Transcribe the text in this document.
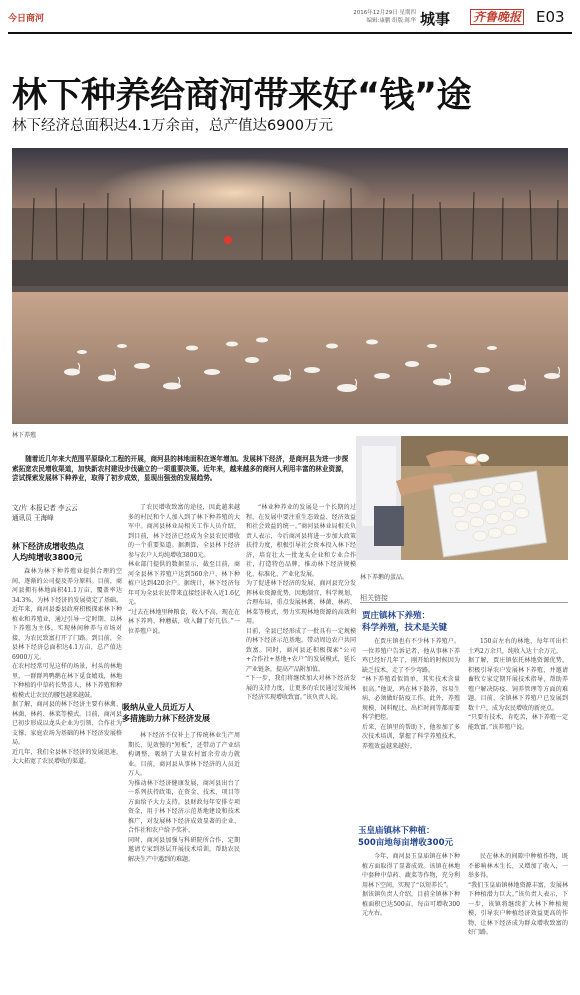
今日商河
2016年12月29日 星期四
编辑:康鹏 组版:陈华 城事 齐鲁晚报 E03
林下种养给商河带来好“钱”途
林下经济总面积达4.1万余亩，总产值达6900万元
林下养殖
随着近几年来大范围平原绿化工程的开展，商河县的林地面积在逐年增加。发展林下经济，是商河县为进一步探索拓宽农民增收渠道，加快新农村建设步伐确立的一项重要决策。近年来，越来越多的商河人利用丰富的林业资源，尝试探索发展林下种养业，取得了初步成效，显现出强劲的发展趋势。
文/片 本报记者 李云云
通讯员 王海峰
林下经济成增收热点
人均纯增收3800元
森林为林下种养殖业提供合理的空间，逐渐的公司提及养分原料。目前，商河县拥有林地面积41.1万亩，覆盖率达34.3%，为林下经济的发展奠定了基础。近年来，商河县委县政府积极探索林下种植业和养殖业，通过引导一定时期、以林下养殖为主体，实现林间种养与市场对接，为农民致富打开了门路。到目前，全县林下经济总面积达4.1万亩，总产值达6900万元。
在农村经常可见这样的场景，村头的林地里，一群群鸡鸭鹅在林下觅食嬉戏，林地下种植的中草药长势喜人，林下养殖和种植模式让农民的腰包越来越鼓。
据了解，商河县的林下经济主要有林禽、林菌、林药、林菜等模式。目前，商河县已初步形成以龙头企业为引领、合作社为支撑、家庭农场为基础的林下经济发展格局。
近几年，我们全县林下经济的发展迅速，大大拓宽了农民增收的渠道。
了农民增收致富的途径，因此越来越多的村民和个人加入到了林下种养殖的大军中。商河县林业局相关工作人员介绍，到目前，林下经济已经成为全县农民增收的一个重要渠道。据测算，全县林下经济参与农户人均纯增收3800元。
林业部门提供的数据显示，截至目前，商河全县林下养殖户达到560余户，林下种植户达到420余户。据统计，林下经济每年可为全县农民带来直接经济收入近1.6亿元。
“过去在林地里种粮食，收入不高，现在在林下养鸡、种蘑菇，收入翻了好几倍。”一位养殖户说。
吸纳从业人员近万人
多措施助力林下经济发展
林下经济不仅补上了传统林业生产周期长、见效慢的“短板”，还带动了产业结构调整，吸纳了大量农村富余劳动力就业。目前，商河县从事林下经济的人员近万人。
为推动林下经济健康发展，商河县出台了一系列扶持政策，在资金、技术、项目等方面给予大力支持。县财政每年安排专项资金，用于林下经济示范基地建设和技术推广，对发展林下经济成效显著的企业、合作社和农户给予奖补。
同时，商河县加强与科研院所合作，定期邀请专家到基层开展技术培训，帮助农民解决生产中遇到的难题。
“林业种养业的发展是一个长期的过程，在发展中要注重生态效益、经济效益和社会效益的统一。”商河县林业局相关负责人表示，今后商河县将进一步加大政策扶持力度，积极引导社会资本投入林下经济，培育壮大一批龙头企业和专业合作社，打造特色品牌，推动林下经济规模化、标准化、产业化发展。
为了促进林下经济的发展，商河县充分发挥林业资源优势，因地制宜，科学规划，合理布局，重点发展林禽、林菌、林药、林菜等模式，努力实现林地资源的高效利用。
目前，全县已经形成了一批具有一定规模的林下经济示范基地，带动周边农户共同致富。同时，商河县还积极探索“公司+合作社+基地+农户”的发展模式，延长产业链条，提高产品附加值。
“下一步，我们将继续加大对林下经济发展的支持力度，让更多的农民通过发展林下经济实现增收致富。”该负责人说。
林下养鹅的蛋品。
相关链接
贾庄镇林下养殖：
科学养殖，技术是关键
在贾庄镇也有不少林下养殖户。一位养殖户告诉记者，他从事林下养鸡已经好几年了，刚开始的时候因为缺乏技术，走了不少弯路。
“林下养殖看似简单，其实技术含量很高。”他说，鸡在林下散养，容易生病，必须做好防疫工作。此外，养殖规模、饲料配比、出栏时间等都需要科学把控。
后来，在镇里的帮助下，他参加了多次技术培训，掌握了科学养殖技术，养殖效益越来越好。
150亩左右的林地，每年可出栏土鸡2万余只，纯收入达十余万元。
据了解，贾庄镇依托林地资源优势，积极引导农户发展林下养殖，并邀请畜牧专家定期开展技术指导，帮助养殖户解决防疫、饲养管理等方面的难题。目前，全镇林下养殖户已发展到数十户，成为农民增收的新亮点。
“只要有技术、肯吃苦，林下养殖一定能致富。”该养殖户说。
玉皇庙镇林下种植：
500亩地每亩增收300元
今年，商河县玉皇庙镇在林下种植方面取得了显著成效。该镇在林地中套种中草药、蔬菜等作物，充分利用林下空间，实现了“以短养长”。
据该镇负责人介绍，目前全镇林下种植面积已达500亩，每亩可增收300元左右。
民在林木的间隙中种植作物，既不影响林木生长，又增加了收入，一举多得。
“我们玉皇庙镇林地资源丰富，发展林下种植潜力巨大。”该负责人表示，下一步，该镇将继续扩大林下种植规模，引导农户种植经济效益更高的作物，让林下经济成为群众增收致富的好门路。
